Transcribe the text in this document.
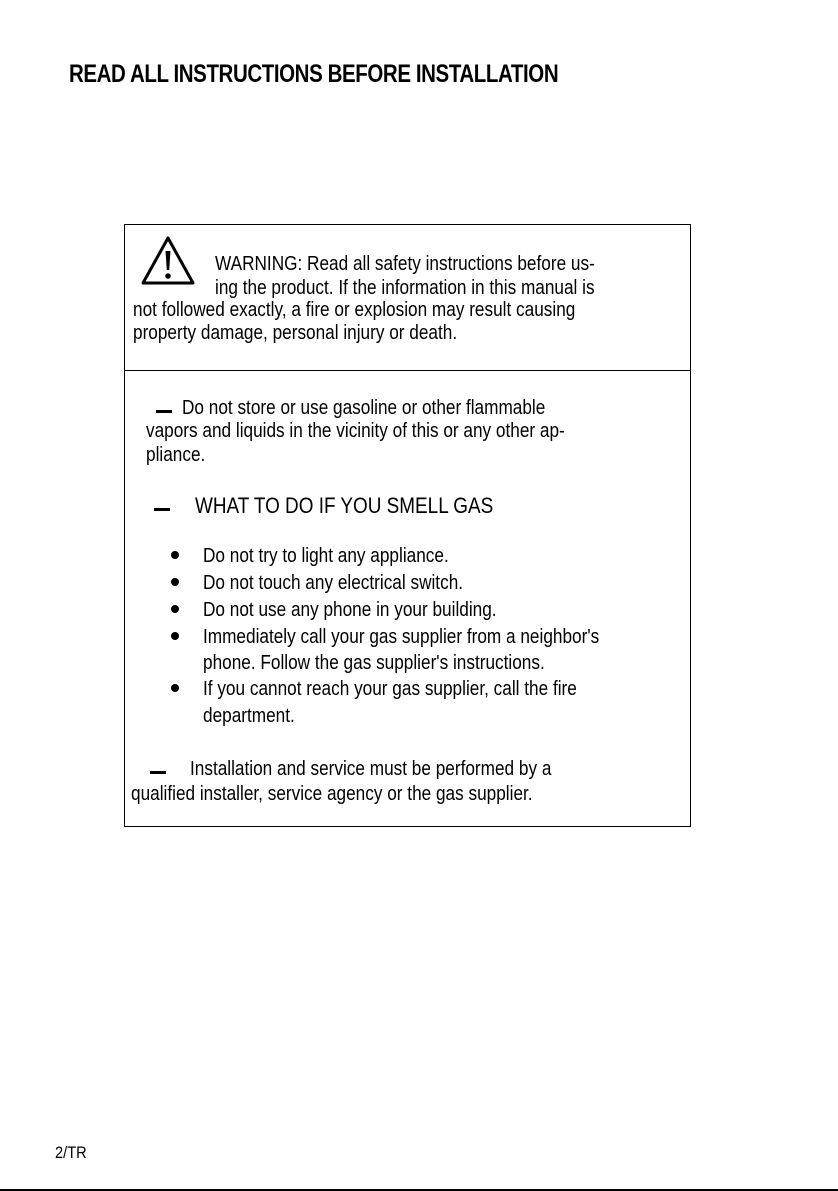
READ ALL INSTRUCTIONS BEFORE INSTALLATION
WARNING: Read all safety instructions before us-
ing the product. If the information in this manual is
not followed exactly, a fire or explosion may result causing
property damage, personal injury or death.
Do not store or use gasoline or other flammable
vapors and liquids in the vicinity of this or any other ap-
pliance.
WHAT TO DO IF YOU SMELL GAS
Do not try to light any appliance.
Do not touch any electrical switch.
Do not use any phone in your building.
Immediately call your gas supplier from a neighbor's
phone. Follow the gas supplier's instructions.
If you cannot reach your gas supplier, call the fire
department.
Installation and service must be performed by a
qualified installer, service agency or the gas supplier.
2/TR
